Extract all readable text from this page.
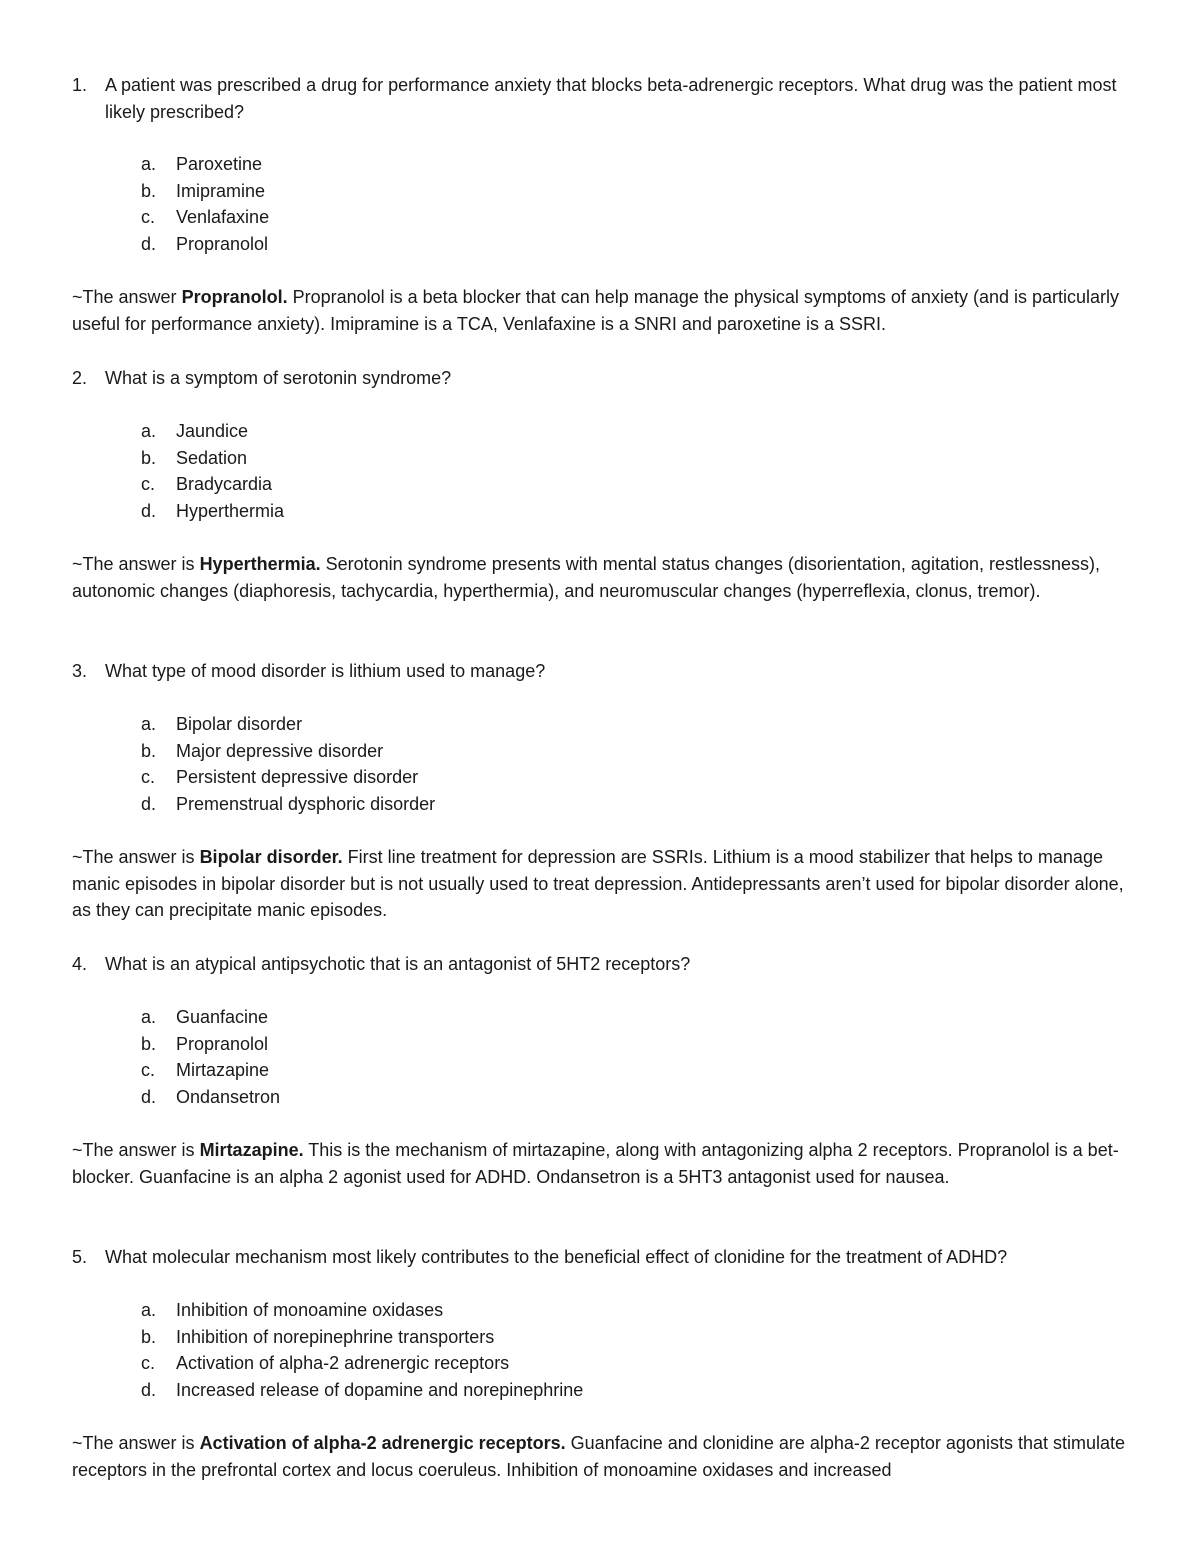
1. A patient was prescribed a drug for performance anxiety that blocks beta-adrenergic receptors. What drug was the patient most likely prescribed?
a. Paroxetine
b. Imipramine
c. Venlafaxine
d. Propranolol
~The answer Propranolol. Propranolol is a beta blocker that can help manage the physical symptoms of anxiety (and is particularly useful for performance anxiety). Imipramine is a TCA, Venlafaxine is a SNRI and paroxetine is a SSRI.
2. What is a symptom of serotonin syndrome?
a. Jaundice
b. Sedation
c. Bradycardia
d. Hyperthermia
~The answer is Hyperthermia. Serotonin syndrome presents with mental status changes (disorientation, agitation, restlessness), autonomic changes (diaphoresis, tachycardia, hyperthermia), and neuromuscular changes (hyperreflexia, clonus, tremor).
3. What type of mood disorder is lithium used to manage?
a. Bipolar disorder
b. Major depressive disorder
c. Persistent depressive disorder
d. Premenstrual dysphoric disorder
~The answer is Bipolar disorder. First line treatment for depression are SSRIs. Lithium is a mood stabilizer that helps to manage manic episodes in bipolar disorder but is not usually used to treat depression. Antidepressants aren’t used for bipolar disorder alone, as they can precipitate manic episodes.
4. What is an atypical antipsychotic that is an antagonist of 5HT2 receptors?
a. Guanfacine
b. Propranolol
c. Mirtazapine
d. Ondansetron
~The answer is Mirtazapine. This is the mechanism of mirtazapine, along with antagonizing alpha 2 receptors. Propranolol is a bet-blocker. Guanfacine is an alpha 2 agonist used for ADHD. Ondansetron is a 5HT3 antagonist used for nausea.
5. What molecular mechanism most likely contributes to the beneficial effect of clonidine for the treatment of ADHD?
a. Inhibition of monoamine oxidases
b. Inhibition of norepinephrine transporters
c. Activation of alpha-2 adrenergic receptors
d. Increased release of dopamine and norepinephrine
~The answer is Activation of alpha-2 adrenergic receptors. Guanfacine and clonidine are alpha-2 receptor agonists that stimulate receptors in the prefrontal cortex and locus coeruleus. Inhibition of monoamine oxidases and increased
